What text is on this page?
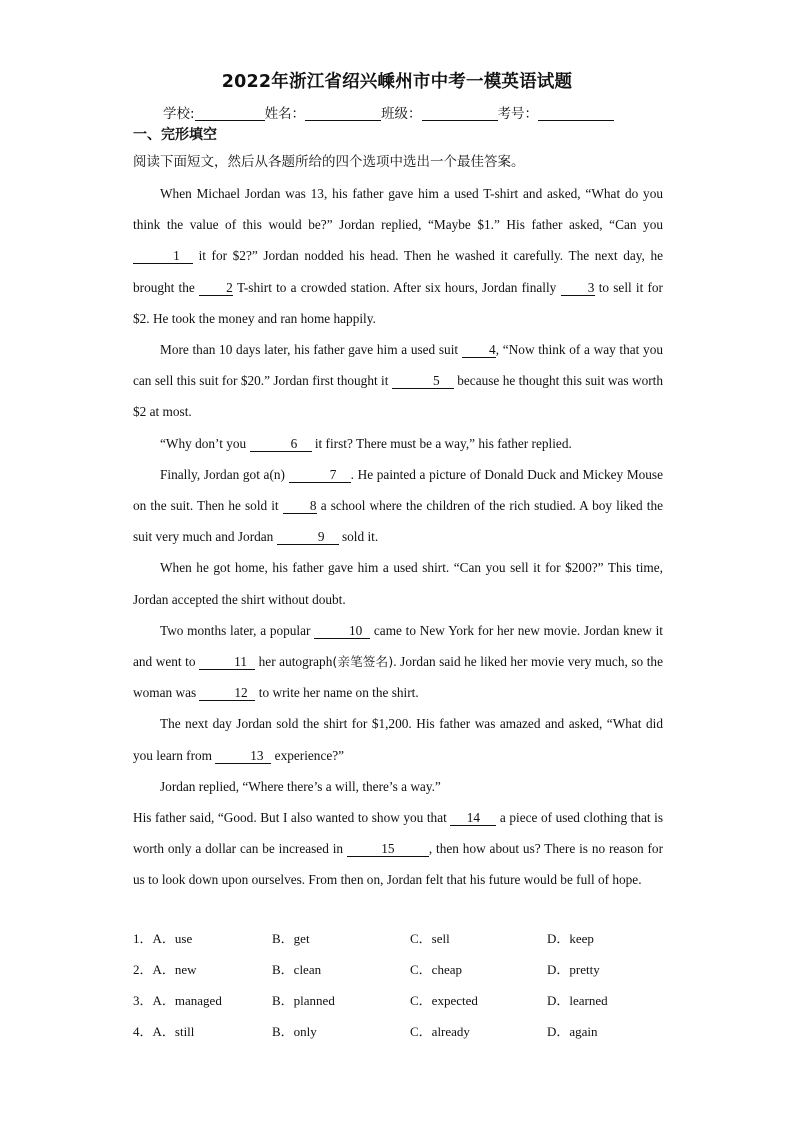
2022年浙江省绍兴嵊州市中考一模英语试题
学校:	姓名：	班级：	考号：
一、完形填空
阅读下面短文，然后从各题所给的四个选项中选出一个最佳答案。

When Michael Jordan was 13, his father gave him a used T-shirt and asked, “What do you think the value of this would be?” Jordan replied, “Maybe $1.” His father asked, “Can you 1 it for $2?” Jordan nodded his head. Then he washed it carefully. The next day, he brought the 2 T-shirt to a crowded station. After six hours, Jordan finally 3 to sell it for $2. He took the money and ran home happily.

More than 10 days later, his father gave him a used suit 4, “Now think of a way that you can sell this suit for $20.” Jordan first thought it	5 because he thought this suit was worth $2 at most.

“Why don’t you	6 it first? There must be a way,” his father replied.

Finally, Jordan got a(n)	7 . He painted a picture of Donald Duck and Mickey Mouse on the suit. Then he sold it 8 a school where the children of the rich studied. A boy liked the suit very much and Jordan	9 sold it.

When he got home, his father gave him a used shirt. “Can you sell it for $200?” This time, Jordan accepted the shirt without doubt.

Two months later, a popular	10 came to New York for her new movie. Jordan knew it and went to	11 her autograph(亲笔签名). Jordan said he liked her movie very much, so the woman was	12 to write her name on the shirt.

The next day Jordan sold the shirt for $1,200. His father was amazed and asked, “What did you learn from	13 experience?”

Jordan replied, “Where there’s a will, there’s a way.”

His father said, “Good. But I also wanted to show you that 14 a piece of used clothing that is worth only a dollar can be increased in	15	, then how about us? There is no reason for us to look down upon ourselves. From then on, Jordan felt that his future would be full of hope.

1．A．use	B．get	C．sell	D．keep
2．A．new	B．clean	C．cheap	D．pretty
3．A．managed	B．planned	C．expected	D．learned
4．A．still	B．only	C．already	D．again
